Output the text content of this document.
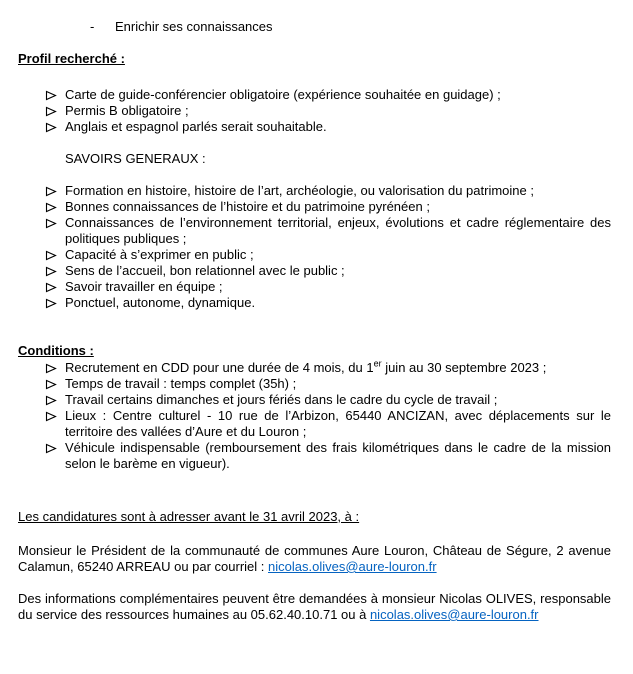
-	Enrichir ses connaissances
Profil recherché :
Carte de guide-conférencier obligatoire (expérience souhaitée en guidage) ;
Permis B obligatoire ;
Anglais et espagnol parlés serait souhaitable.
SAVOIRS GENERAUX :
Formation en histoire, histoire de l’art, archéologie, ou valorisation du patrimoine ;
Bonnes connaissances de l’histoire et du patrimoine pyrénéen ;
Connaissances de l’environnement territorial, enjeux, évolutions et cadre réglementaire des politiques publiques ;
Capacité à s’exprimer en public ;
Sens de l’accueil, bon relationnel avec le public ;
Savoir travailler en équipe ;
Ponctuel, autonome, dynamique.
Conditions :
Recrutement en CDD pour une durée de 4 mois, du 1er juin au 30 septembre 2023 ;
Temps de travail : temps complet (35h) ;
Travail certains dimanches et jours fériés dans le cadre du cycle de travail ;
Lieux : Centre culturel - 10 rue de l’Arbizon, 65440 ANCIZAN, avec déplacements sur le territoire des vallées d’Aure et du Louron ;
Véhicule indispensable (remboursement des frais kilométriques dans le cadre de la mission selon le barème en vigueur).
Les candidatures sont à adresser avant le 31 avril 2023, à :
Monsieur le Président de la communauté de communes Aure Louron, Château de Ségure, 2 avenue Calamun, 65240 ARREAU ou par courriel : nicolas.olives@aure-louron.fr
Des informations complémentaires peuvent être demandées à monsieur Nicolas OLIVES, responsable du service des ressources humaines au 05.62.40.10.71 ou à nicolas.olives@aure-louron.fr
